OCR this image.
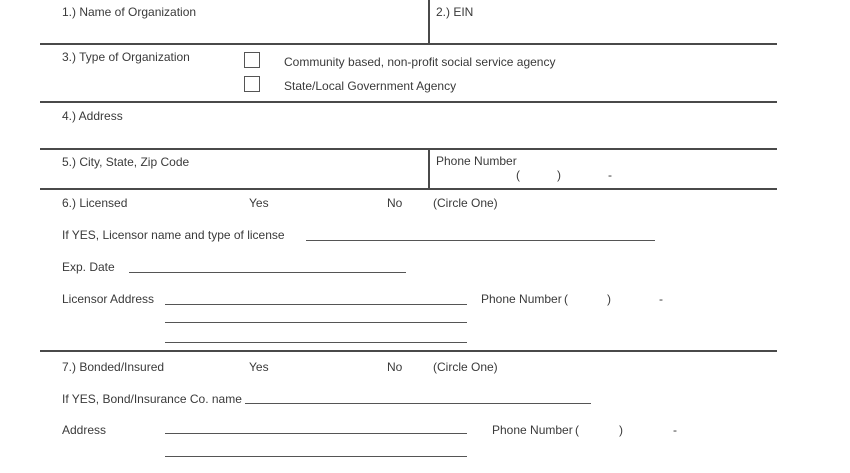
1.) Name of Organization	2.) EIN
3.) Type of Organization	Community based, non-profit social service agency
State/Local Government Agency
4.) Address
5.) City, State, Zip Code	Phone Number
(	)	-
6.) Licensed	Yes	No	(Circle One)
If YES, Licensor name and type of license
Exp. Date
Licensor Address	Phone Number (	)	-
7.) Bonded/Insured	Yes	No	(Circle One)
If YES, Bond/Insurance Co. name
Address	Phone Number (	)	-
